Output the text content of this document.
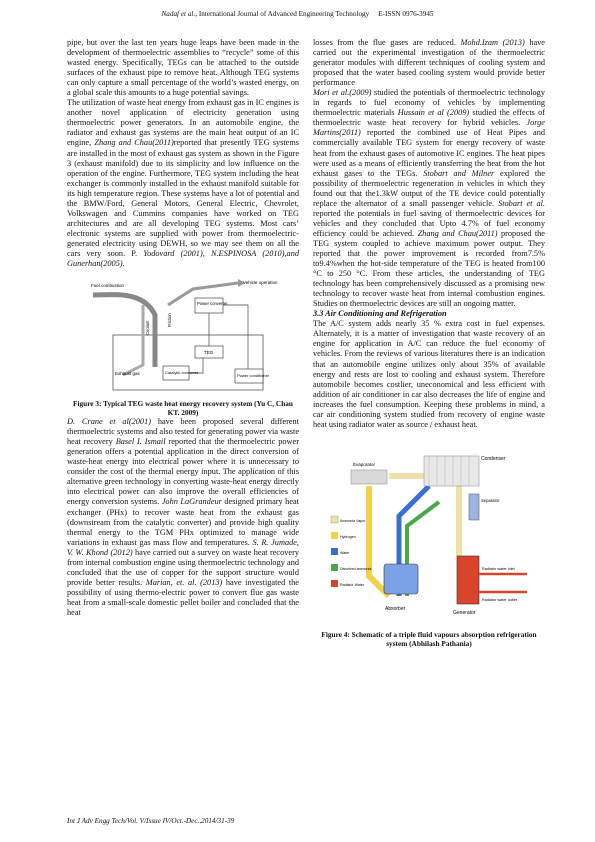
Nadaf et al., International Journal of Advanced Engineering Technology E-ISSN 0976-3945

pipe, but over the last ten years huge leaps have been made in the development of thermoelectric assemblies to “recycle” some of this wasted energy. Specifically, TEGs can be attached to the outside surfaces of the exhaust pipe to remove heat. Although TEG systems can only capture a small percentage of the world’s wasted energy, on a global scale this amounts to a huge potential savings.

The utilization of waste heat energy from exhaust gas in IC engines is another novel application of electricity generation using thermoelectric power generators. In an automobile engine, the radiator and exhaust gas systems are the main heat output of an IC engine, Zhang and Chau(2011)reported that presently TEG systems are installed in the most of exhaust gas system as shown in the Figure 3 (exhaust manifold) due to its simplicity and low influence on the operation of the engine. Furthermore, TEG system including the heat exchanger is commonly installed in the exhaust manifold suitable for its high temperature region. These systems have a lot of potential and the BMW/Ford, General Motors, General Electric, Chevrolet, Volkswagen and Cummins companies have worked on TEG architectures and are all developing TEG systems. Most cars’ electronic systems are supplied with power from thermoelectric-generated electricity using DEWH, so we may see them on all the cars very soon. P. Yodovard (2001), N.ESPINOSA (2010),and Gunerhan(2005).

Fuel combustion
Vehicle operation
Coolant
Friction
Power converter
TEG
Exhaust gas	Catalytic converter
Power conditioner

Figure 3: Typical TEG waste heat energy recovery system (Yu C, Chau KT. 2009)

D. Crane et al(2001) have been proposed several different thermoelectric systems and also tested for generating power via waste heat recovery Basel I. Ismail reported that the thermoelectric power generation offers a potential application in the direct conversion of waste-heat energy into electrical power where it is unnecessary to consider the cost of the thermal energy input. The application of this alternative green technology in converting waste-heat energy directly into electrical power can also improve the overall efficiencies of energy conversion systems. John LaGrandeur designed primary heat exchanger (PHx) to recover waste heat from the exhaust gas (downstream from the catalytic converter) and provide high quality thermal energy to the TGM PHx optimized to manage wide variations in exhaust gas mass flow and temperatures. S. R. Jumade, V. W. Khond (2012) have carried out a survey on waste heat recovery from internal combustion engine using thermoelectric technology and concluded that the use of copper for the support structure would provide better results. Marian, et. al. (2013) have investigated the possibility of using thermo-electric power to convert flue gas waste heat from a small-scale domestic pellet boiler and concluded that the heat

losses from the flue gases are reduced. Mohd.Izam (2013) have carried out the experimental investigation of the thermoelectric generator modules with different techniques of cooling system and proposed that the water based cooling system would provide better performance

Mori et al.(2009) studied the potentials of thermoelectric technology in regards to fuel economy of vehicles by implementing thermoelectric materials Hussain et al (2009) studied the effects of thermoelectric waste heat recovery for hybrid vehicles. Jorge Martins(2011) reported the combined use of Heat Pipes and commercially available TEG system for energy recovery of waste heat from the exhaust gases of automotive IC engines. The heat pipes were used as a means of efficiently transferring the heat from the hot exhaust gases to the TEGs. Stobart and Milner explored the possibility of thermoelectric regeneration in vehicles in which they found out that the1.3kW output of the TE device could potentially replace the alternator of a small passenger vehicle. Stobart et al. reported the potentials in fuel saving of thermoelectric devices for vehicles and they concluded that Upto 4.7% of fuel economy efficiency could be achieved. Zhang and Chau(2011) proposed the TEG system coupled to achieve maximum power output. They reported that the power improvement is recorded from7.5% to9.4%when the hot-side temperature of the TEG is heated from100 °C to 250 °C. From these articles, the understanding of TEG technology has been comprehensively discussed as a promising new technology to recover waste heat from internal combustion engines. Studies on thermoelectric devices are still an ongoing matter.

3.3 Air Conditioning and Refrigeration

The A/C system adds nearly 35 % extra cost in fuel expenses. Alternately, it is a matter of investigation that waste recovery of an engine for application in A/C can reduce the fuel economy of vehicles. From the reviews of various literatures there is an indication that an automobile engine utilizes only about 35% of available energy and rests are lost to cooling and exhaust system. Therefore automobile becomes costlier, uneconomical and less efficient with addition of air conditioner in car also decreases the life of engine and increases the fuel consumption. Keeping these problems in mind, a car air conditioning system studied from recovery of engine waste heat using radiator water as source / exhaust heat.

Ammonia Vapor
Hydrogen
Water
Dissolved ammonia
Radiator Water
Condenser
Evaporator
Separator
Absorber
Generator
Radiator water inlet
Radiator water outlet

Figure 4: Schematic of a triple fluid vapours absorption refrigeration system (Abhilash Pathania)

Int J Adv Engg Tech/Vol. V/Issue IV/Oct.-Dec.,2014/31-39
